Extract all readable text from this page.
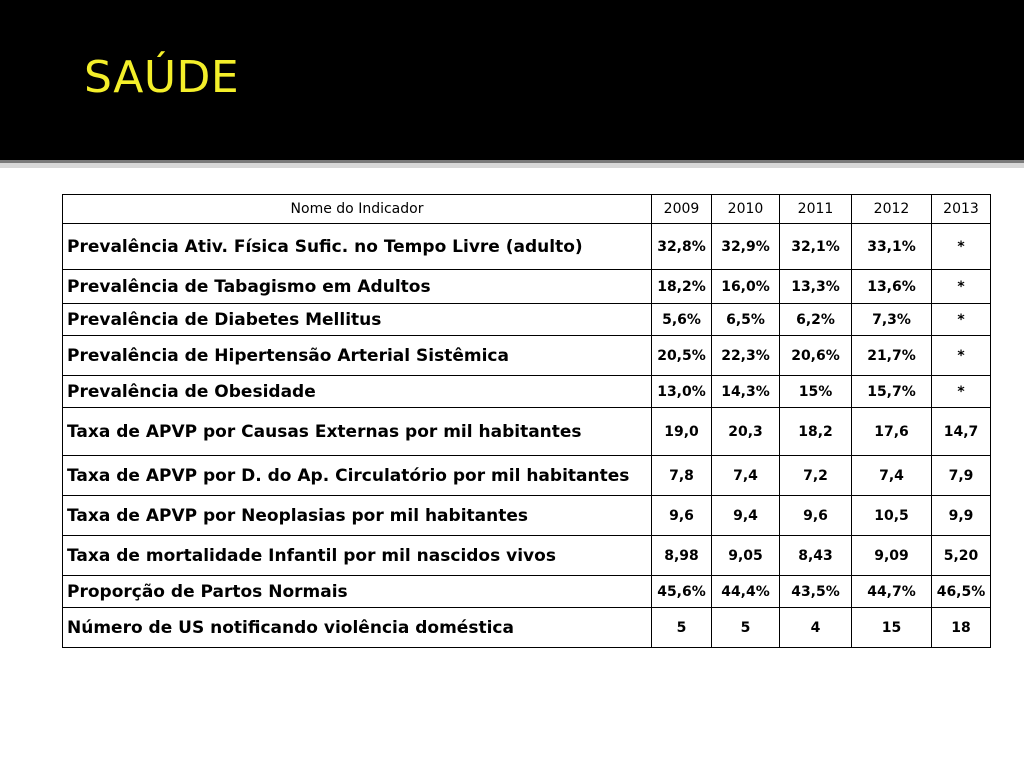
SAÚDE
Nome do Indicador	2009	2010	2011	2012	2013
Prevalência Ativ. Física Sufic. no Tempo Livre (adulto)	32,8%	32,9%	32,1%	33,1%	*
Prevalência de Tabagismo em Adultos	18,2%	16,0%	13,3%	13,6%	*
Prevalência de Diabetes Mellitus	5,6%	6,5%	6,2%	7,3%	*
Prevalência de Hipertensão Arterial Sistêmica	20,5%	22,3%	20,6%	21,7%	*
Prevalência de Obesidade	13,0%	14,3%	15%	15,7%	*
Taxa de APVP por Causas Externas por mil habitantes	19,0	20,3	18,2	17,6	14,7
Taxa de APVP por D. do Ap. Circulatório por mil habitantes	7,8	7,4	7,2	7,4	7,9
Taxa de APVP por Neoplasias por mil habitantes	9,6	9,4	9,6	10,5	9,9
Taxa de mortalidade Infantil por mil nascidos vivos	8,98	9,05	8,43	9,09	5,20
Proporção de Partos Normais	45,6%	44,4%	43,5%	44,7%	46,5%
Número de US notificando violência doméstica	5	5	4	15	18
